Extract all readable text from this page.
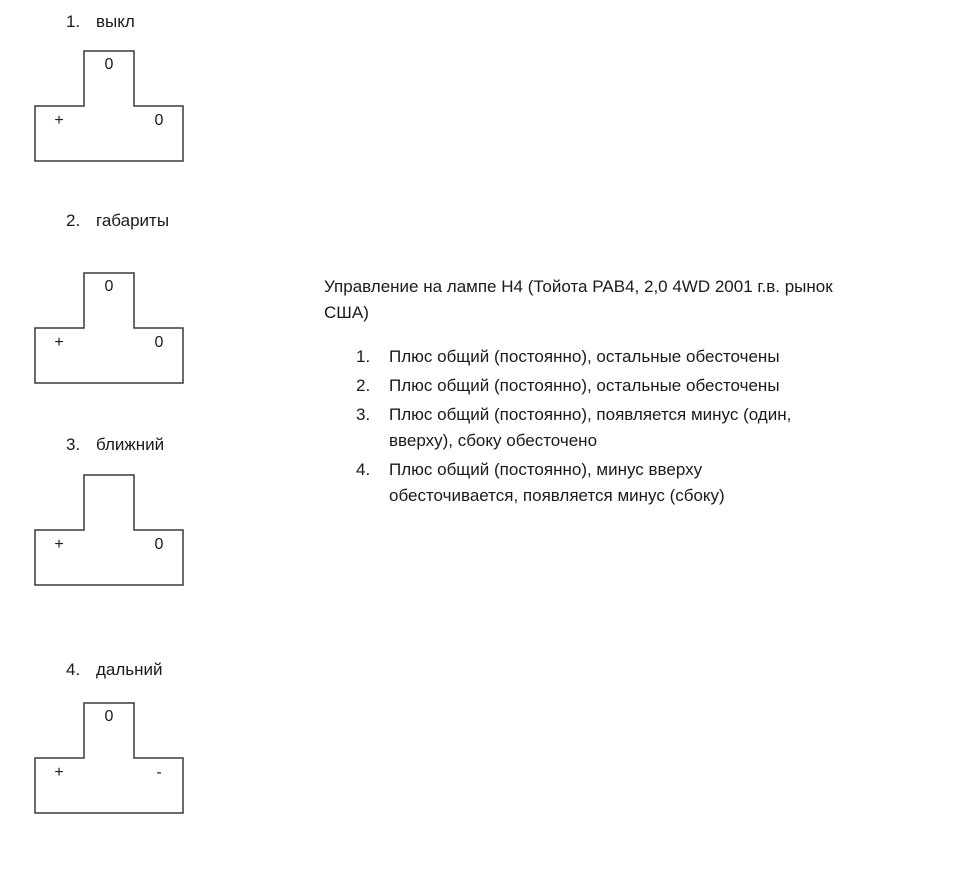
1. выкл
0
+	0
2. габариты
0
+	0
3. ближний
+	0
4. дальний
0
+	-

Управление на лампе Н4 (Тойота РАВ4, 2,0 4WD 2001 г.в. рынок США)

1. Плюс общий (постоянно), остальные обесточены
2. Плюс общий (постоянно), остальные обесточены
3. Плюс общий (постоянно), появляется минус (один, вверху), сбоку обесточено
4. Плюс общий (постоянно), минус вверху обесточивается, появляется минус (сбоку)
